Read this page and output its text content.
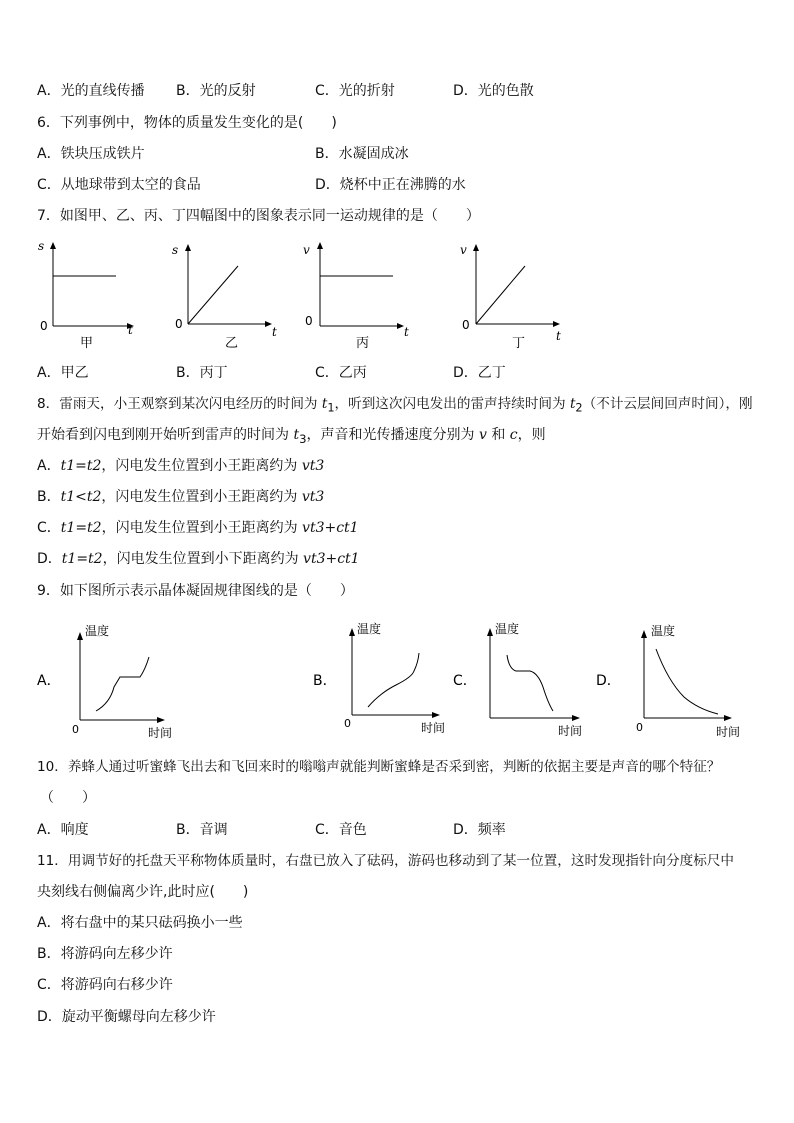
A．光的直线传播 B．光的反射	C．光的折射	D．光的色散
6．下列事例中，物体的质量发生变化的是(　　)
A．铁块压成铁片	B．水凝固成冰
C．从地球带到太空的食品	D．烧杯中正在沸腾的水
7．如图甲、乙、丙、丁四幅图中的图象表示同一运动规律的是（　　）
s
t
0
甲
s
t
0
乙
v
t
0
丙
v
t
0
丁
A．甲乙	B．丙丁	C．乙丙	D．乙丁
8．雷雨天，小王观察到某次闪电经历的时间为 $t_1$，听到这次闪电发出的雷声持续时间为 $t_2$（不计云层间回声时间），刚
开始看到闪电到刚开始听到雷声的时间为 $t_3$，声音和光传播速度分别为 v 和 c，则
A．t1=t2，闪电发生位置到小王距离约为 vt3
B．t1<t2，闪电发生位置到小王距离约为 vt3
C．t1=t2，闪电发生位置到小王距离约为 vt3+ct1
D．t1=t2，闪电发生位置到小下距离约为 vt3+ct1
9．如下图所示表示晶体凝固规律图线的是（　　）
A．
温度
时间
0
B．
温度
时间
0
C．
温度
时间
D．
温度
时间
0
10．养蜂人通过听蜜蜂飞出去和飞回来时的嗡嗡声就能判断蜜蜂是否采到密，判断的依据主要是声音的哪个特征？
（　　）
A．响度	B．音调	C．音色	D．频率
11．用调节好的托盘天平称物体质量时，右盘已放入了砝码，游码也移动到了某一位置，这时发现指针向分度标尺中
央刻线右侧偏离少许,此时应(　　)
A．将右盘中的某只砝码换小一些
B．将游码向左移少许
C．将游码向右移少许
D．旋动平衡螺母向左移少许
